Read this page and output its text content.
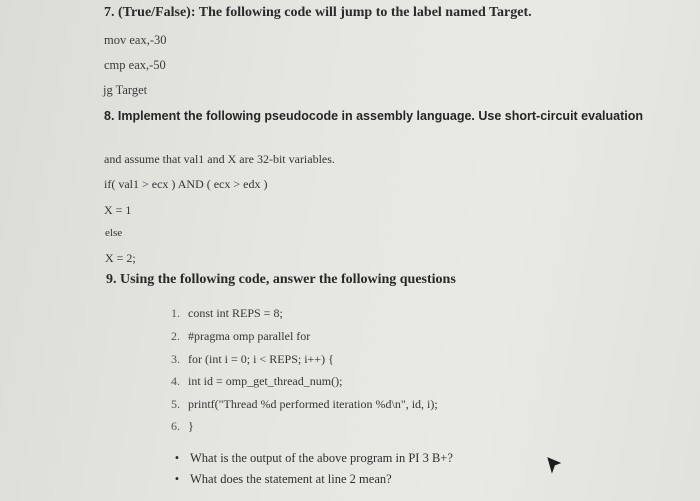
7. (True/False): The following code will jump to the label named Target.
mov eax,-30
cmp eax,-50
jg Target
8. Implement the following pseudocode in assembly language. Use short-circuit evaluation
and assume that val1 and X are 32-bit variables.
if( val1 > ecx ) AND ( ecx > edx )
X = 1
else
X = 2;
9. Using the following code, answer the following questions
1. const int REPS = 8;
2. #pragma omp parallel for
3. for (int i = 0; i < REPS; i++) {
4. int id = omp_get_thread_num();
5. printf("Thread %d performed iteration %d\n", id, i);
6. }
• What is the output of the above program in PI 3 B+?
• What does the statement at line 2 mean?
